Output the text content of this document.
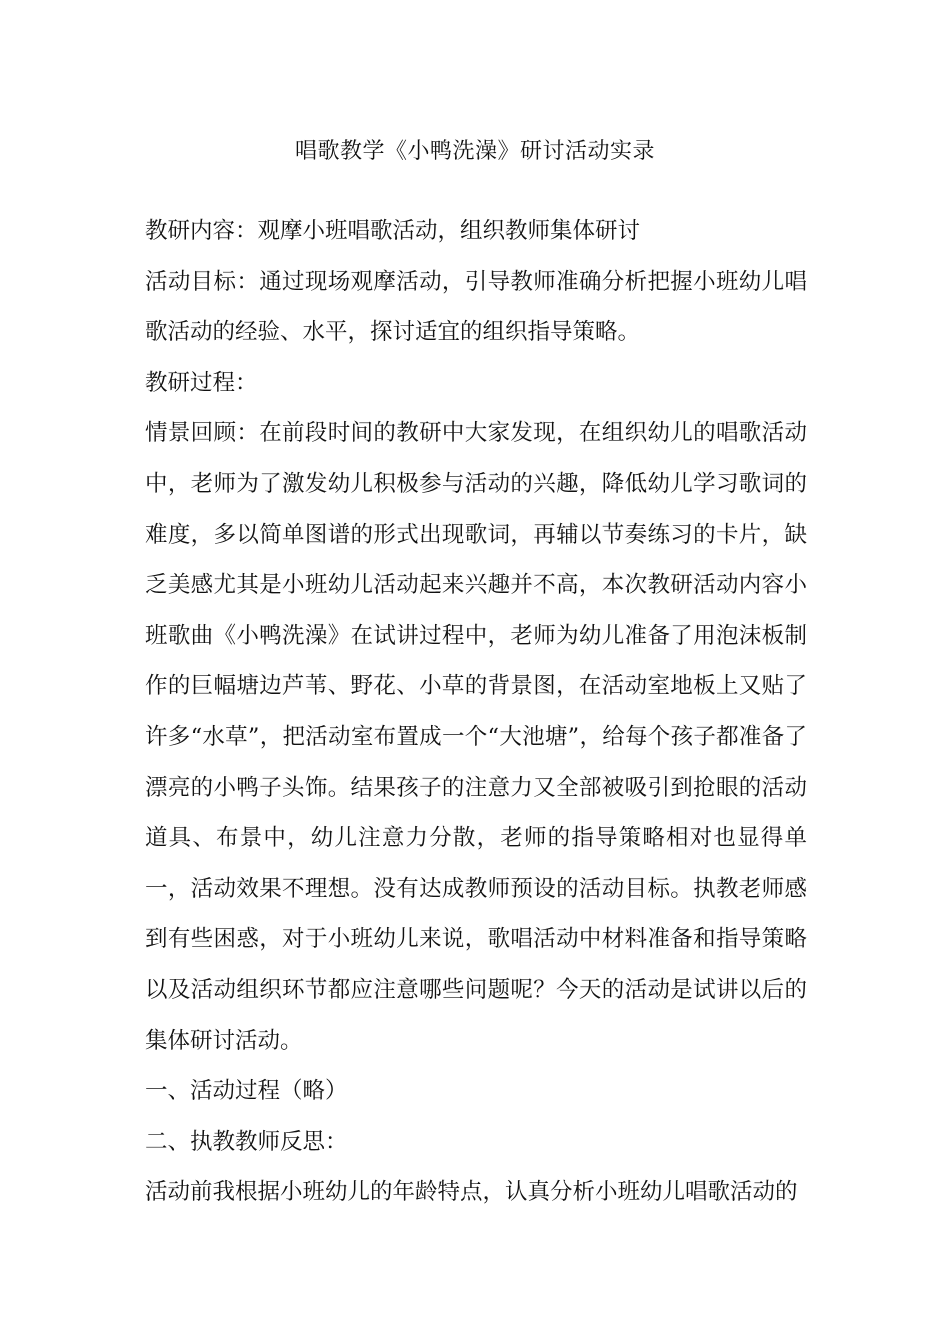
唱歌教学《小鸭洗澡》研讨活动实录

教研内容：观摩小班唱歌活动，组织教师集体研讨

活动目标：通过现场观摩活动，引导教师准确分析把握小班幼儿唱歌活动的经验、水平，探讨适宜的组织指导策略。

教研过程：

情景回顾：在前段时间的教研中大家发现，在组织幼儿的唱歌活动中，老师为了激发幼儿积极参与活动的兴趣，降低幼儿学习歌词的难度，多以简单图谱的形式出现歌词，再辅以节奏练习的卡片，缺乏美感尤其是小班幼儿活动起来兴趣并不高，本次教研活动内容小班歌曲《小鸭洗澡》在试讲过程中，老师为幼儿准备了用泡沫板制作的巨幅塘边芦苇、野花、小草的背景图，在活动室地板上又贴了许多“水草”，把活动室布置成一个“大池塘”，给每个孩子都准备了漂亮的小鸭子头饰。结果孩子的注意力又全部被吸引到抢眼的活动道具、布景中，幼儿注意力分散，老师的指导策略相对也显得单一，活动效果不理想。没有达成教师预设的活动目标。执教老师感到有些困惑，对于小班幼儿来说，歌唱活动中材料准备和指导策略以及活动组织环节都应注意哪些问题呢？今天的活动是试讲以后的集体研讨活动。

一、活动过程（略）

二、执教教师反思：

活动前我根据小班幼儿的年龄特点，认真分析小班幼儿唱歌活动的
